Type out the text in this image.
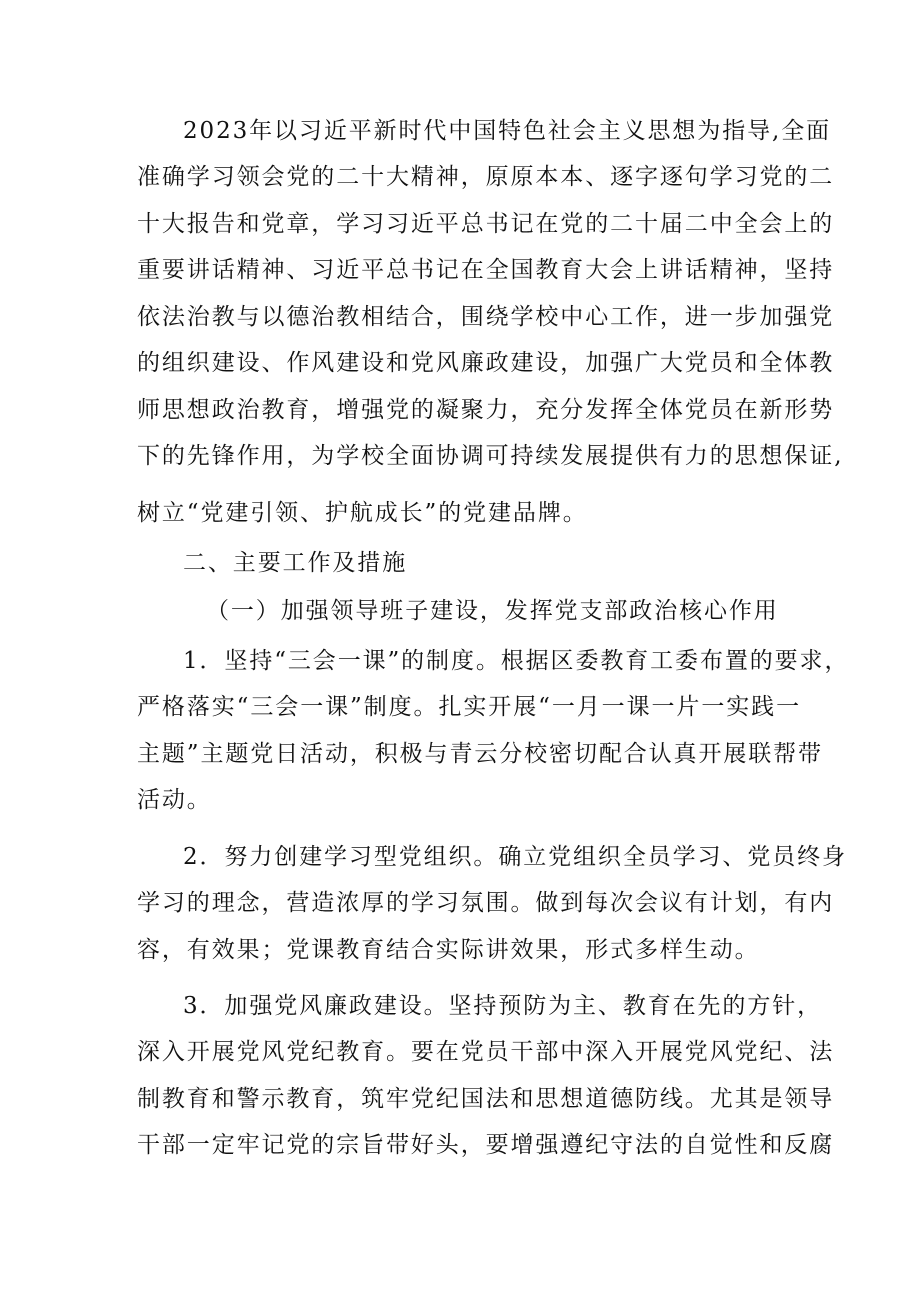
2023年以习近平新时代中国特色社会主义思想为指导,全面
准确学习领会党的二十大精神，原原本本、逐字逐句学习党的二
十大报告和党章，学习习近平总书记在党的二十届二中全会上的
重要讲话精神、习近平总书记在全国教育大会上讲话精神，坚持
依法治教与以德治教相结合，围绕学校中心工作，进一步加强党
的组织建设、作风建设和党风廉政建设，加强广大党员和全体教
师思想政治教育，增强党的凝聚力，充分发挥全体党员在新形势
下的先锋作用，为学校全面协调可持续发展提供有力的思想保证,
树立“党建引领、护航成长”的党建品牌。
二、主要工作及措施
（一）加强领导班子建设，发挥党支部政治核心作用
1．坚持“三会一课”的制度。根据区委教育工委布置的要求，
严格落实“三会一课”制度。扎实开展“一月一课一片一实践一
主题”主题党日活动，积极与青云分校密切配合认真开展联帮带
活动。
2．努力创建学习型党组织。确立党组织全员学习、党员终身
学习的理念，营造浓厚的学习氛围。做到每次会议有计划，有内
容，有效果；党课教育结合实际讲效果，形式多样生动。
3．加强党风廉政建设。坚持预防为主、教育在先的方针，
深入开展党风党纪教育。要在党员干部中深入开展党风党纪、法
制教育和警示教育，筑牢党纪国法和思想道德防线。尤其是领导
干部一定牢记党的宗旨带好头，要增强遵纪守法的自觉性和反腐
